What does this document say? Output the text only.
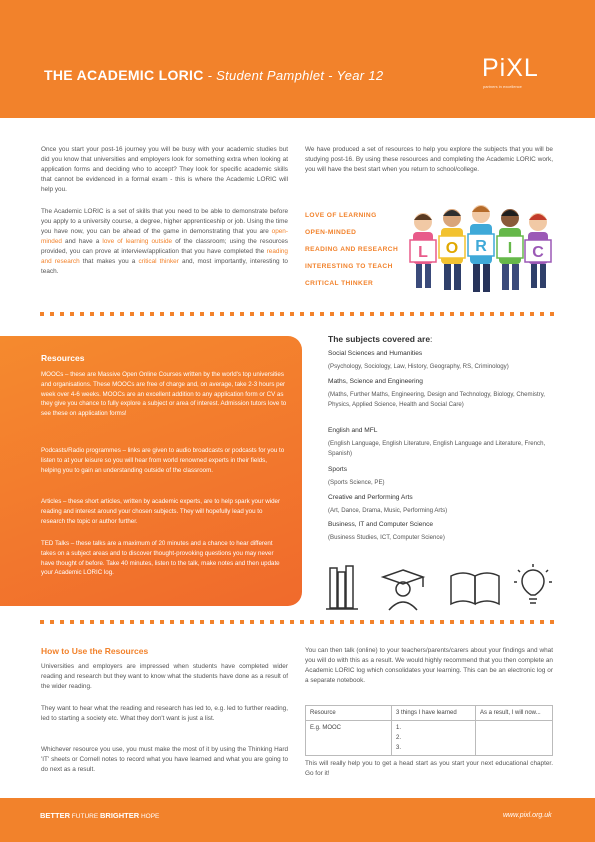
THE ACADEMIC LORIC - Student Pamphlet - Year 12	PiXL
partners in excellence
Once you start your post-16 journey you will be busy with your academic studies but did you know that universities and employers look for something extra when looking at application forms and deciding who to accept? They look for specific academic skills that cannot be evidenced in a formal exam - this is where the Academic LORIC will help you.
The Academic LORIC is a set of skills that you need to be able to demonstrate before you apply to a university course, a degree, higher apprenticeship or job. Using the time you have now, you can be ahead of the game in demonstrating that you are open-minded and have a love of learning outside of the classroom; using the resources provided, you can prove at interview/application that you have completed the reading and research that makes you a critical thinker and, most importantly, interesting to teach.
We have produced a set of resources to help you explore the subjects that you will be studying post-16. By using these resources and completing the Academic LORIC work, you will have the best start when you return to school/college.
LOVE OF LEARNING
OPEN-MINDED
READING AND RESEARCH
INTERESTING TO TEACH
CRITICAL THINKER
L O R I C
Resources
MOOCs – these are Massive Open Online Courses written by the world's top universities and organisations. These MOOCs are free of charge and, on average, take 2-3 hours per week over 4-6 weeks. MOOCs are an excellent addition to any application form or CV as they give you chance to fully explore a subject or area of interest. Admission tutors love to see these on application forms!
Podcasts/Radio programmes – links are given to audio broadcasts or podcasts for you to listen to at your leisure so you will hear from world renowned experts in their fields, helping you to gain an understanding outside of the classroom.
Articles – these short articles, written by academic experts, are to help spark your wider reading and interest around your chosen subjects. They will hopefully lead you to research the topic or author further.
TED Talks – these talks are a maximum of 20 minutes and a chance to hear different takes on a subject areas and to discover thought-provoking questions you may never have thought of before. Take 40 minutes, listen to the talk, make notes and then update your Academic LORIC log.
The subjects covered are:
Social Sciences and Humanities
(Psychology, Sociology, Law, History, Geography, RS, Criminology)
Maths, Science and Engineering
(Maths, Further Maths, Engineering, Design and Technology, Biology, Chemistry, Physics, Applied Science, Health and Social Care)
English and MFL
(English Language, English Literature, English Language and Literature, French, Spanish)
Sports
(Sports Science, PE)
Creative and Performing Arts
(Art, Dance, Drama, Music, Performing Arts)
Business, IT and Computer Science
(Business Studies, ICT, Computer Science)
How to Use the Resources
Universities and employers are impressed when students have completed wider reading and research but they want to know what the students have done as a result of the wider reading.
They want to hear what the reading and research has led to, e.g. led to further reading, led to starting a society etc. What they don't want is just a list.
Whichever resource you use, you must make the most of it by using the Thinking Hard 'IT' sheets or Cornell notes to record what you have learned and what you are going to do next as a result.
You can then talk (online) to your teachers/parents/carers about your findings and what you will do with this as a result. We would highly recommend that you then complete an Academic LORIC log which consolidates your learning. This can be an electronic log or a separate notebook.
Resource	3 things I have learned	As a result, I will now...
E.g. MOOC	1.
2.
3.	

This will really help you to get a head start as you start your next educational chapter. Go for it!
BETTER FUTURE BRIGHTER HOPE	www.pixl.org.uk
